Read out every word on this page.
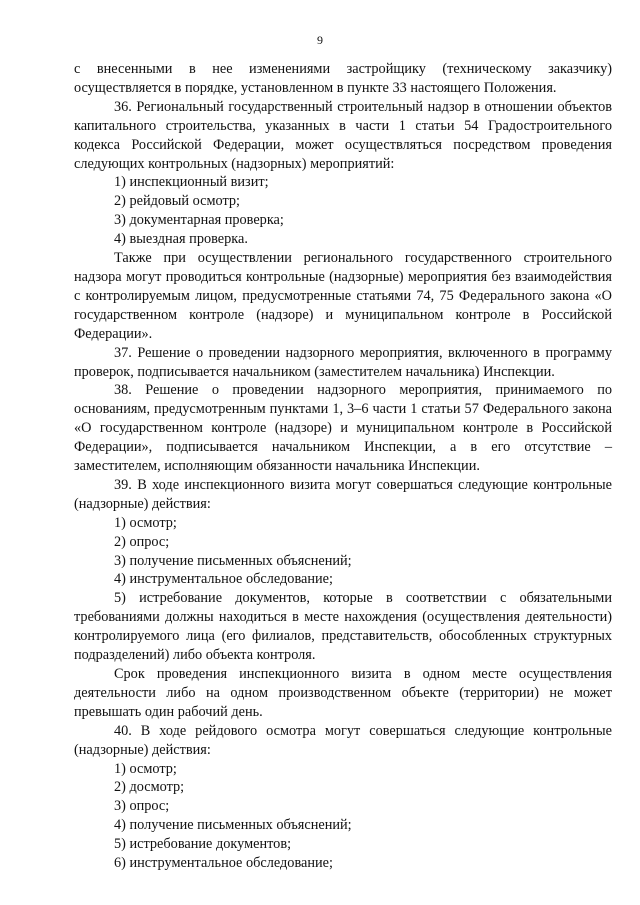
9

с внесенными в нее изменениями застройщику (техническому заказчику) осуществляется в порядке, установленном в пункте 33 настоящего Положения.

36. Региональный государственный строительный надзор в отношении объектов капитального строительства, указанных в части 1 статьи 54 Градостроительного кодекса Российской Федерации, может осуществляться посредством проведения следующих контрольных (надзорных) мероприятий:

1) инспекционный визит;

2) рейдовый осмотр;

3) документарная проверка;

4) выездная проверка.

Также при осуществлении регионального государственного строительного надзора могут проводиться контрольные (надзорные) мероприятия без взаимодействия с контролируемым лицом, предусмотренные статьями 74, 75 Федерального закона «О государственном контроле (надзоре) и муниципальном контроле в Российской Федерации».

37. Решение о проведении надзорного мероприятия, включенного в программу проверок, подписывается начальником (заместителем начальника) Инспекции.

38. Решение о проведении надзорного мероприятия, принимаемого по основаниям, предусмотренным пунктами 1, 3–6 части 1 статьи 57 Федерального закона «О государственном контроле (надзоре) и муниципальном контроле в Российской Федерации», подписывается начальником Инспекции, а в его отсутствие – заместителем, исполняющим обязанности начальника Инспекции.

39. В ходе инспекционного визита могут совершаться следующие контрольные (надзорные) действия:

1) осмотр;

2) опрос;

3) получение письменных объяснений;

4) инструментальное обследование;

5) истребование документов, которые в соответствии с обязательными требованиями должны находиться в месте нахождения (осуществления деятельности) контролируемого лица (его филиалов, представительств, обособленных структурных подразделений) либо объекта контроля.

Срок проведения инспекционного визита в одном месте осуществления деятельности либо на одном производственном объекте (территории) не может превышать один рабочий день.

40. В ходе рейдового осмотра могут совершаться следующие контрольные (надзорные) действия:

1) осмотр;

2) досмотр;

3) опрос;

4) получение письменных объяснений;

5) истребование документов;

6) инструментальное обследование;
